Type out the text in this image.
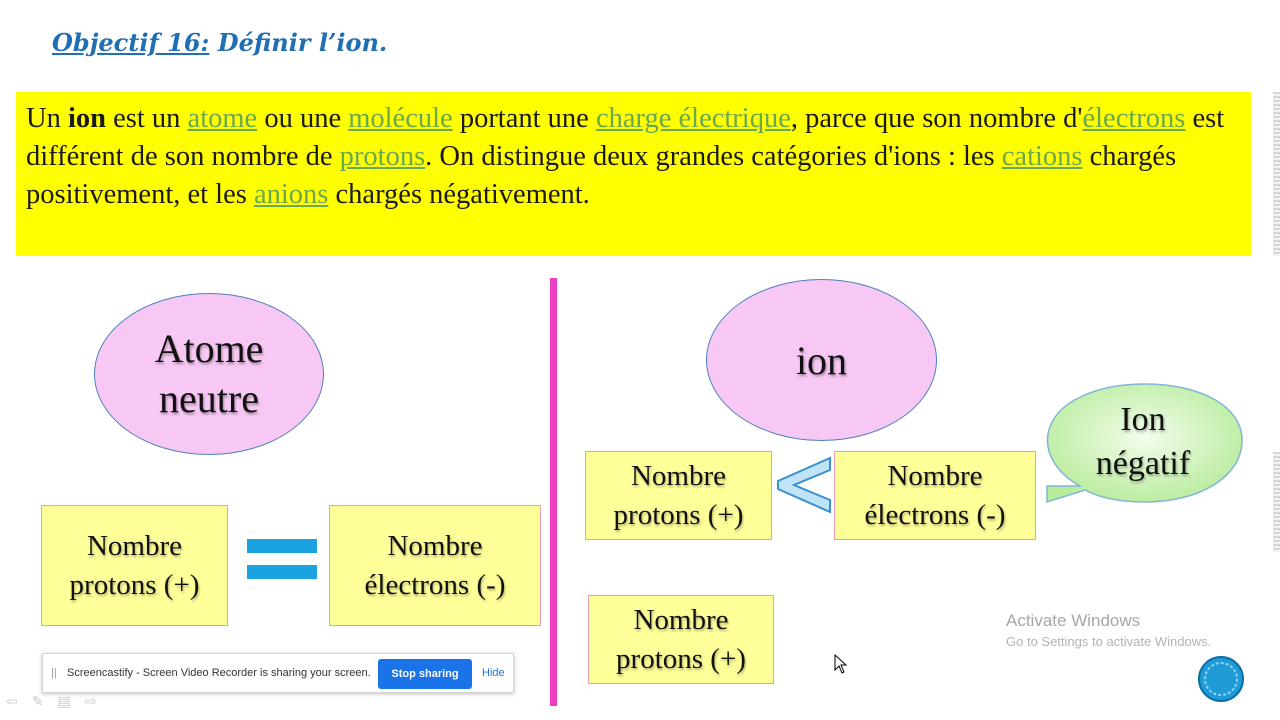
Objectif 16: Définir l’ion.
Un ion est un atome ou une molécule portant une charge électrique, parce que son nombre d'électrons est différent de son nombre de protons. On distingue deux grandes catégories d'ions : les cations chargés positivement, et les anions chargés négativement.
Atome
neutre
Nombre
protons (+)
Nombre
électrons (-)
ion
Nombre
protons (+)
Nombre
électrons (-)
Ion
négatif
Nombre
protons (+)
|| Screencastify - Screen Video Recorder is sharing your screen.	Stop sharing	Hide
Activate Windows
Go to Settings to activate Windows.
⇦ ✎ ▤ ⇨
